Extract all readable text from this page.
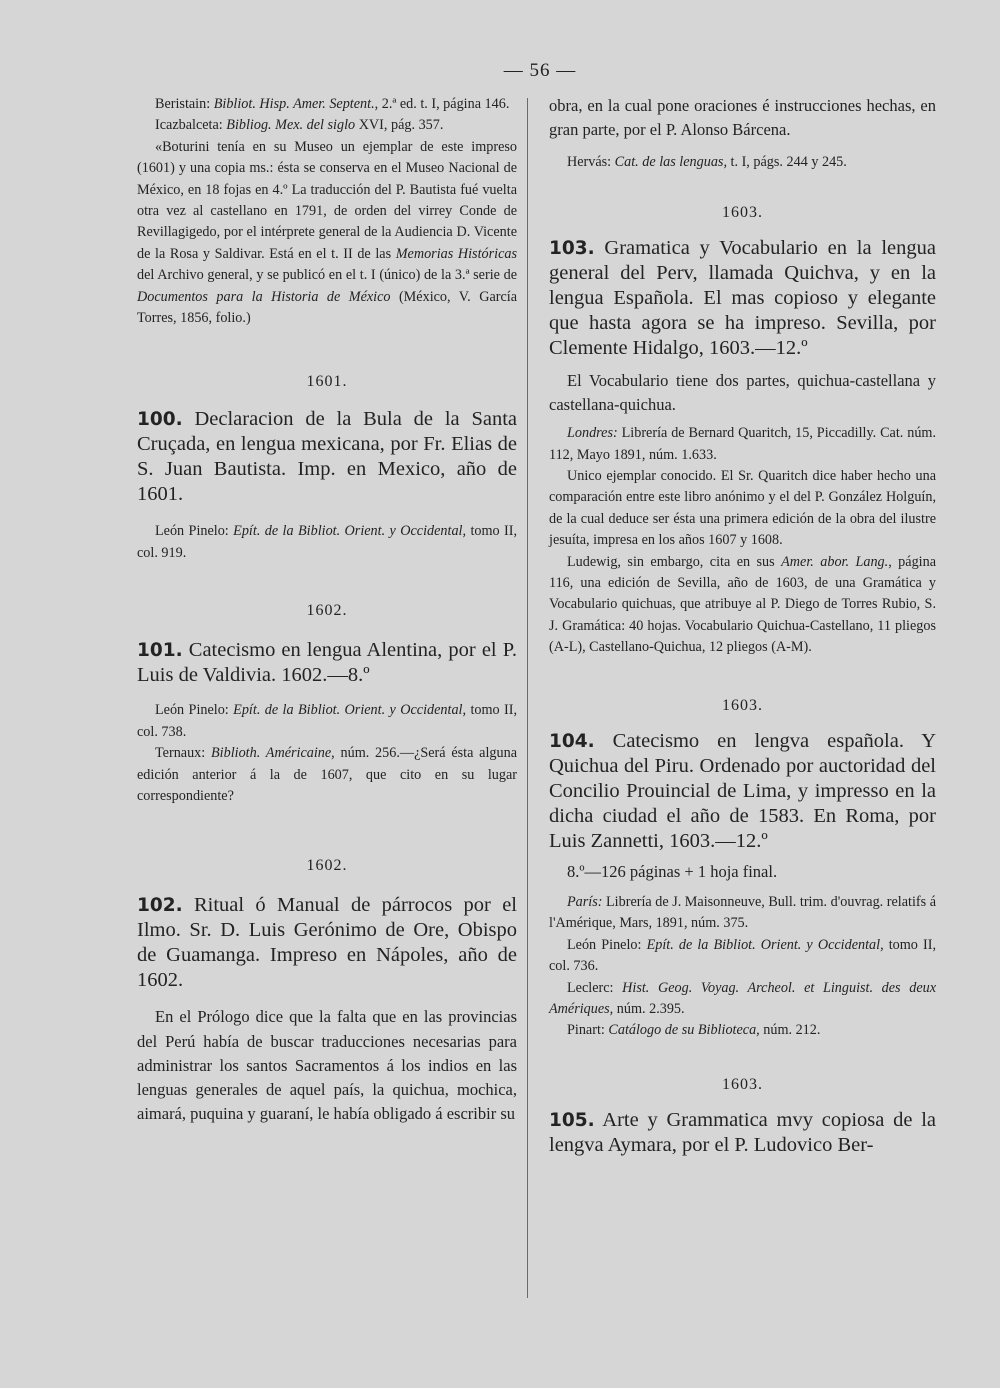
— 56 —

Beristain: Bibliot. Hisp. Amer. Septent., 2.ª ed. t. I, página 146.

Icazbalceta: Bibliog. Mex. del siglo XVI, pág. 357.

«Boturini tenía en su Museo un ejemplar de este impreso (1601) y una copia ms.: ésta se conserva en el Museo Nacional de México, en 18 fojas en 4.º La traducción del P. Bautista fué vuelta otra vez al castellano en 1791, de orden del virrey Conde de Revillagigedo, por el intérprete general de la Audiencia D. Vicente de la Rosa y Saldivar. Está en el t. II de las Memorias Históricas del Archivo general, y se publicó en el t. I (único) de la 3.ª serie de Documentos para la Historia de México (México, V. García Torres, 1856, folio.)

1601.

100. Declaracion de la Bula de la Santa Cruçada, en lengua mexicana, por Fr. Elias de S. Juan Bautista. Imp. en Mexico, año de 1601.

León Pinelo: Epít. de la Bibliot. Orient. y Occidental, tomo II, col. 919.

1602.

101. Catecismo en lengua Alentina, por el P. Luis de Valdivia. 1602.—8.º

León Pinelo: Epít. de la Bibliot. Orient. y Occidental, tomo II, col. 738.

Ternaux: Biblioth. Américaine, núm. 256.—¿Será ésta alguna edición anterior á la de 1607, que cito en su lugar correspondiente?

1602.

102. Ritual ó Manual de párrocos por el Ilmo. Sr. D. Luis Gerónimo de Ore, Obispo de Guamanga. Impreso en Nápoles, año de 1602.

En el Prólogo dice que la falta que en las provincias del Perú había de buscar traducciones necesarias para administrar los santos Sacramentos á los indios en las lenguas generales de aquel país, la quichua, mochica, aimará, puquina y guaraní, le había obligado á escribir su

obra, en la cual pone oraciones é instrucciones hechas, en gran parte, por el P. Alonso Bárcena.

Hervás: Cat. de las lenguas, t. I, págs. 244 y 245.

1603.

103. Gramatica y Vocabulario en la lengua general del Perv, llamada Quichva, y en la lengua Española. El mas copioso y elegante que hasta agora se ha impreso. Sevilla, por Clemente Hidalgo, 1603.—12.º

El Vocabulario tiene dos partes, quichua-castellana y castellana-quichua.

Londres: Librería de Bernard Quaritch, 15, Piccadilly. Cat. núm. 112, Mayo 1891, núm. 1.633.

Unico ejemplar conocido. El Sr. Quaritch dice haber hecho una comparación entre este libro anónimo y el del P. González Holguín, de la cual deduce ser ésta una primera edición de la obra del ilustre jesuíta, impresa en los años 1607 y 1608.

Ludewig, sin embargo, cita en sus Amer. abor. Lang., página 116, una edición de Sevilla, año de 1603, de una Gramática y Vocabulario quichuas, que atribuye al P. Diego de Torres Rubio, S. J. Gramática: 40 hojas. Vocabulario Quichua-Castellano, 11 pliegos (A-L), Castellano-Quichua, 12 pliegos (A-M).

1603.

104. Catecismo en lengva española. Y Quichua del Piru. Ordenado por auctoridad del Concilio Prouincial de Lima, y impresso en la dicha ciudad el año de 1583. En Roma, por Luis Zannetti, 1603.—12.º

8.º—126 páginas + 1 hoja final.

París: Librería de J. Maisonneuve, Bull. trim. d'ouvrag. relatifs á l'Amérique, Mars, 1891, núm. 375.

León Pinelo: Epít. de la Bibliot. Orient. y Occidental, tomo II, col. 736.

Leclerc: Hist. Geog. Voyag. Archeol. et Linguist. des deux Amériques, núm. 2.395.

Pinart: Catálogo de su Biblioteca, núm. 212.

1603.

105. Arte y Grammatica mvy copiosa de la lengva Aymara, por el P. Ludovico Ber-
